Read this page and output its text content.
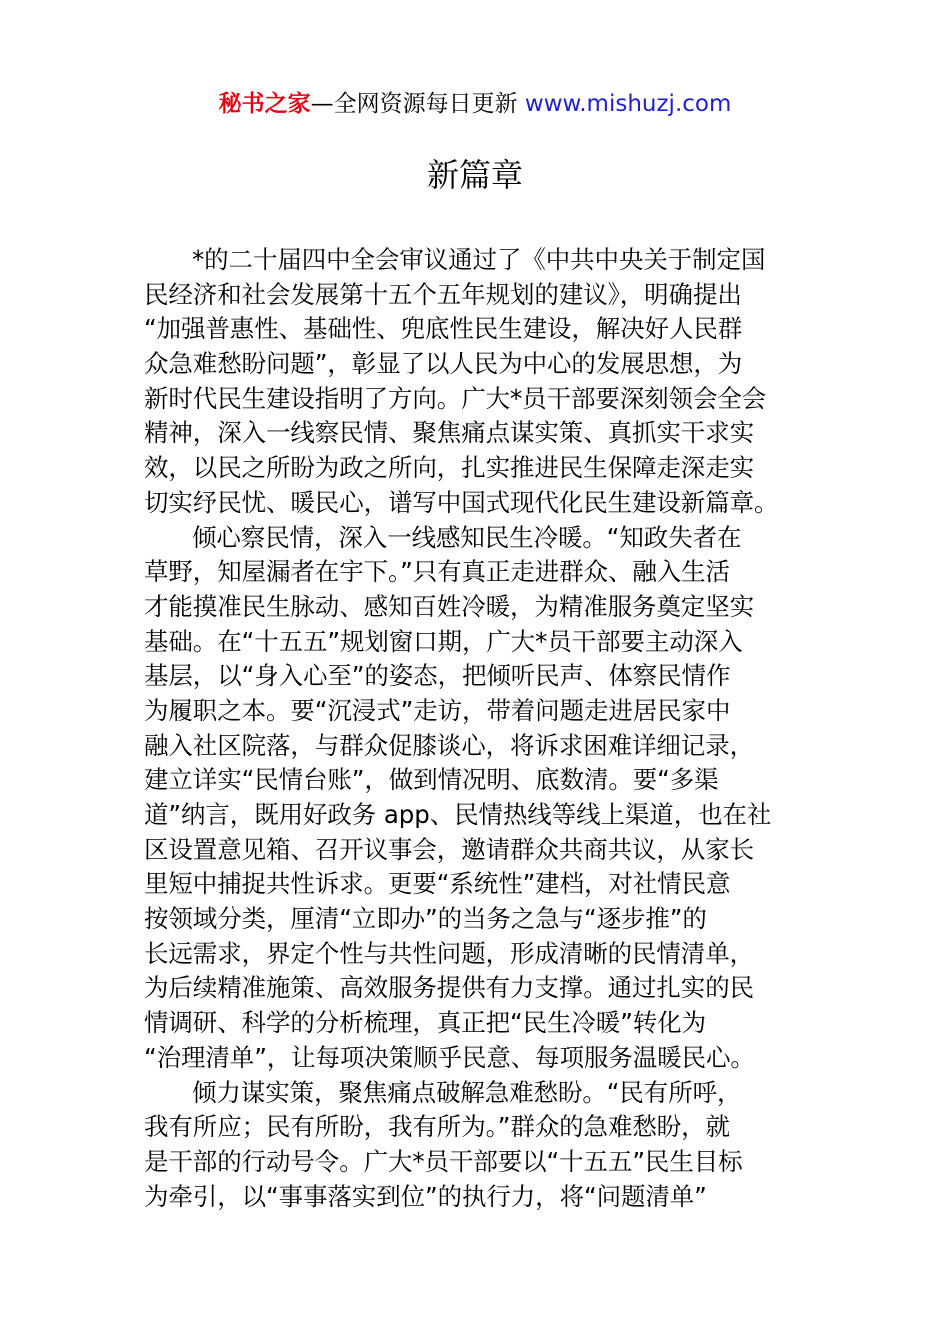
秘书之家—全网资源每日更新 www.mishuzj.com
新篇章
*的二十届四中全会审议通过了《中共中央关于制定国
民经济和社会发展第十五个五年规划的建议》，明确提出
“加强普惠性、基础性、兜底性民生建设，解决好人民群
众急难愁盼问题”，彰显了以人民为中心的发展思想，为
新时代民生建设指明了方向。广大*员干部要深刻领会全会
精神，深入一线察民情、聚焦痛点谋实策、真抓实干求实
效，以民之所盼为政之所向，扎实推进民生保障走深走实
切实纾民忧、暖民心，谱写中国式现代化民生建设新篇章。
倾心察民情，深入一线感知民生冷暖。“知政失者在
草野，知屋漏者在宇下。”只有真正走进群众、融入生活
才能摸准民生脉动、感知百姓冷暖，为精准服务奠定坚实
基础。在“十五五”规划窗口期，广大*员干部要主动深入
基层，以“身入心至”的姿态，把倾听民声、体察民情作
为履职之本。要“沉浸式”走访，带着问题走进居民家中
融入社区院落，与群众促膝谈心，将诉求困难详细记录，
建立详实“民情台账”，做到情况明、底数清。要“多渠
道”纳言，既用好政务 app、民情热线等线上渠道，也在社
区设置意见箱、召开议事会，邀请群众共商共议，从家长
里短中捕捉共性诉求。更要“系统性”建档，对社情民意
按领域分类，厘清“立即办”的当务之急与“逐步推”的
长远需求，界定个性与共性问题，形成清晰的民情清单，
为后续精准施策、高效服务提供有力支撑。通过扎实的民
情调研、科学的分析梳理，真正把“民生冷暖”转化为
“治理清单”，让每项决策顺乎民意、每项服务温暖民心。
倾力谋实策，聚焦痛点破解急难愁盼。“民有所呼，
我有所应；民有所盼，我有所为。”群众的急难愁盼，就
是干部的行动号令。广大*员干部要以“十五五”民生目标
为牵引，以“事事落实到位”的执行力，将“问题清单”
